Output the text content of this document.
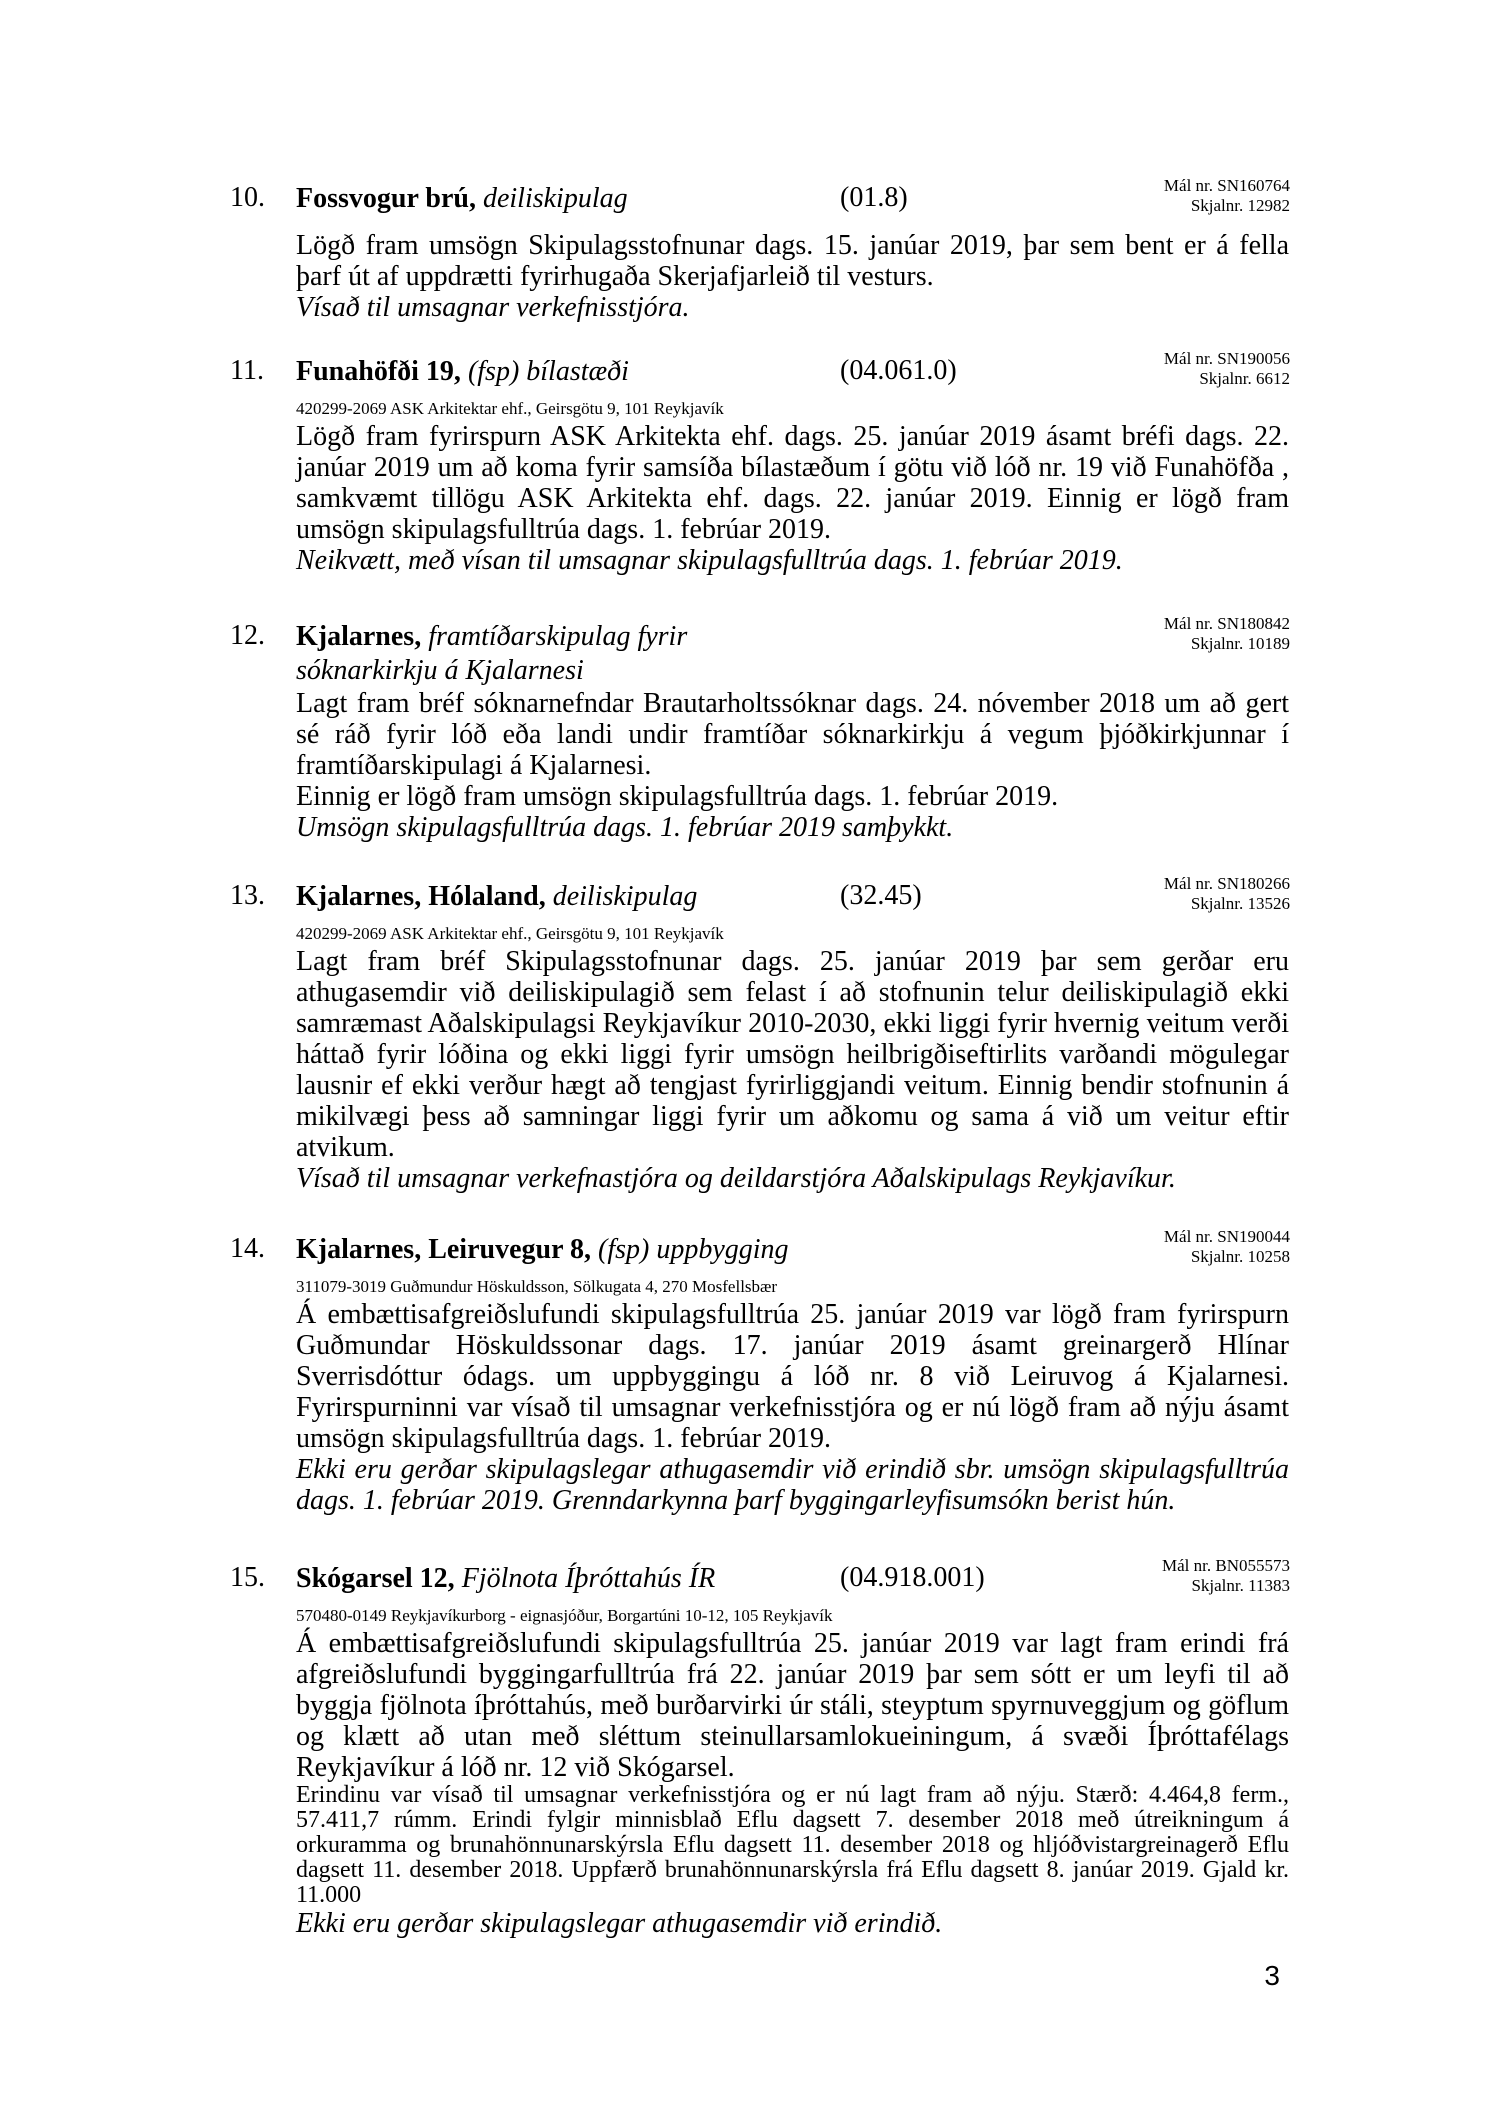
10. Fossvogur brú, deiliskipulag	(01.8)	Mál nr. SN160764
Skjalnr. 12982

Lögð fram umsögn Skipulagsstofnunar dags. 15. janúar 2019, þar sem bent er á fella þarf út af uppdrætti fyrirhugaða Skerjafjarleið til vesturs.

Vísað til umsagnar verkefnisstjóra.

11. Funahöfði 19, (fsp) bílastæði	(04.061.0)	Mál nr. SN190056
Skjalnr. 6612
420299-2069 ASK Arkitektar ehf., Geirsgötu 9, 101 Reykjavík

Lögð fram fyrirspurn ASK Arkitekta ehf. dags. 25. janúar 2019 ásamt bréfi dags. 22. janúar 2019 um að koma fyrir samsíða bílastæðum í götu við lóð nr. 19 við Funahöfða , samkvæmt tillögu ASK Arkitekta ehf. dags. 22. janúar 2019. Einnig er lögð fram umsögn skipulagsfulltrúa dags. 1. febrúar 2019.

Neikvætt, með vísan til umsagnar skipulagsfulltrúa dags. 1. febrúar 2019.

12. Kjalarnes, framtíðarskipulag fyrir
sóknarkirkju á Kjalarnesi
Mál nr. SN180842
Skjalnr. 10189

Lagt fram bréf sóknarnefndar Brautarholtssóknar dags. 24. nóvember 2018 um að gert sé ráð fyrir lóð eða landi undir framtíðar sóknarkirkju á vegum þjóðkirkjunnar í framtíðarskipulagi á Kjalarnesi.

Einnig er lögð fram umsögn skipulagsfulltrúa dags. 1. febrúar 2019.

Umsögn skipulagsfulltrúa dags. 1. febrúar 2019 samþykkt.

13. Kjalarnes, Hólaland, deiliskipulag	(32.45)	Mál nr. SN180266
Skjalnr. 13526
420299-2069 ASK Arkitektar ehf., Geirsgötu 9, 101 Reykjavík

Lagt fram bréf Skipulagsstofnunar dags. 25. janúar 2019 þar sem gerðar eru athugasemdir við deiliskipulagið sem felast í að stofnunin telur deiliskipulagið ekki samræmast Aðalskipulagsi Reykjavíkur 2010-2030, ekki liggi fyrir hvernig veitum verði háttað fyrir lóðina og ekki liggi fyrir umsögn heilbrigðiseftirlits varðandi mögulegar lausnir ef ekki verður hægt að tengjast fyrirliggjandi veitum. Einnig bendir stofnunin á mikilvægi þess að samningar liggi fyrir um aðkomu og sama á við um veitur eftir atvikum.

Vísað til umsagnar verkefnastjóra og deildarstjóra Aðalskipulags Reykjavíkur.

14. Kjalarnes, Leiruvegur 8, (fsp) uppbygging	Mál nr. SN190044
Skjalnr. 10258
311079-3019 Guðmundur Höskuldsson, Sölkugata 4, 270 Mosfellsbær

Á embættisafgreiðslufundi skipulagsfulltrúa 25. janúar 2019 var lögð fram fyrirspurn Guðmundar Höskuldssonar dags. 17. janúar 2019 ásamt greinargerð Hlínar Sverrisdóttur ódags. um uppbyggingu á lóð nr. 8 við Leiruvog á Kjalarnesi. Fyrirspurninni var vísað til umsagnar verkefnisstjóra og er nú lögð fram að nýju ásamt umsögn skipulagsfulltrúa dags. 1. febrúar 2019.

Ekki eru gerðar skipulagslegar athugasemdir við erindið sbr. umsögn skipulagsfulltrúa dags. 1. febrúar 2019. Grenndarkynna þarf byggingarleyfisumsókn berist hún.

15. Skógarsel 12, Fjölnota Íþróttahús ÍR	(04.918.001)	Mál nr. BN055573
Skjalnr. 11383
570480-0149 Reykjavíkurborg - eignasjóður, Borgartúni 10-12, 105 Reykjavík

Á embættisafgreiðslufundi skipulagsfulltrúa 25. janúar 2019 var lagt fram erindi frá afgreiðslufundi byggingarfulltrúa frá 22. janúar 2019 þar sem sótt er um leyfi til að byggja fjölnota íþróttahús, með burðarvirki úr stáli, steyptum spyrnuveggjum og göflum og klætt að utan með sléttum steinullarsamlokueiningum, á svæði Íþróttafélags Reykjavíkur á lóð nr. 12 við Skógarsel.

Erindinu var vísað til umsagnar verkefnisstjóra og er nú lagt fram að nýju. Stærð: 4.464,8 ferm., 57.411,7 rúmm. Erindi fylgir minnisblað Eflu dagsett 7. desember 2018 með útreikningum á orkuramma og brunahönnunarskýrsla Eflu dagsett 11. desember 2018 og hljóðvistargreinagerð Eflu dagsett 11. desember 2018. Uppfærð brunahönnunarskýrsla frá Eflu dagsett 8. janúar 2019. Gjald kr. 11.000

Ekki eru gerðar skipulagslegar athugasemdir við erindið.

3
